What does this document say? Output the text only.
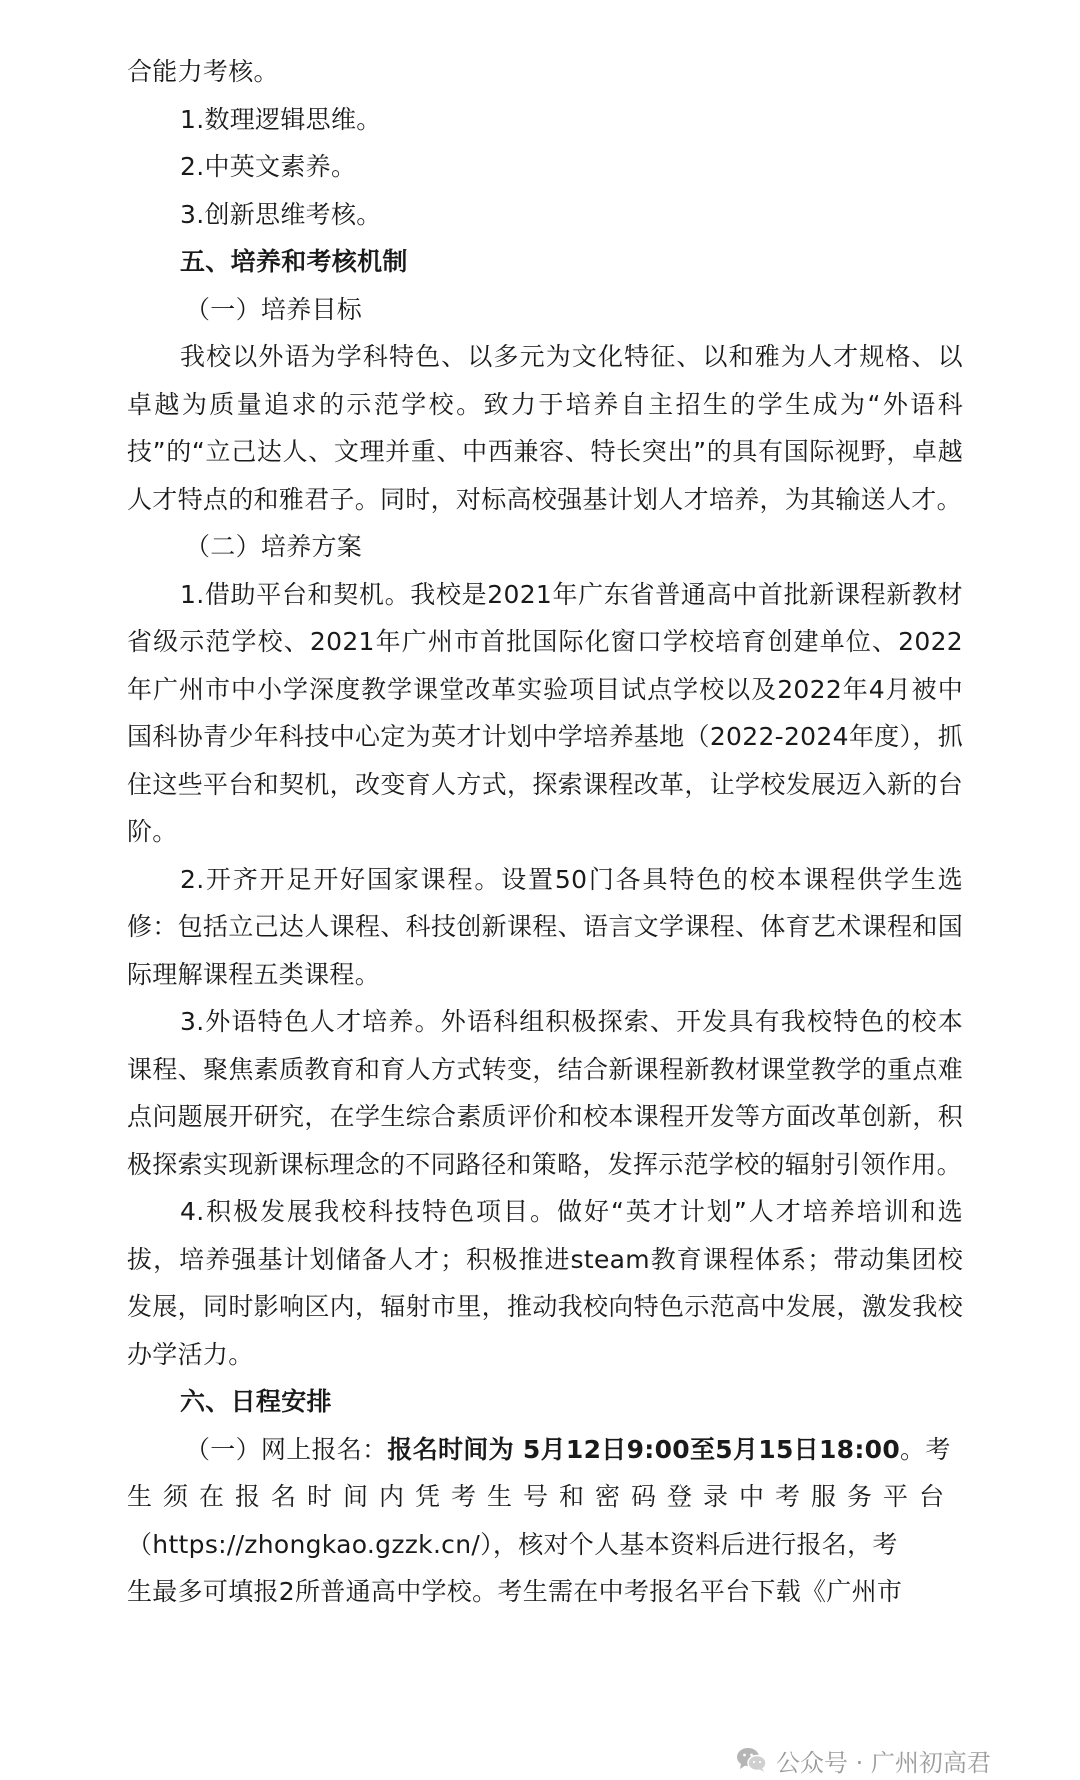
合能力考核。

1.数理逻辑思维。

2.中英文素养。

3.创新思维考核。

五、培养和考核机制

（一）培养目标

我校以外语为学科特色、以多元为文化特征、以和雅为人才规格、以卓越为质量追求的示范学校。致力于培养自主招生的学生成为“外语科技”的“立己达人、文理并重、中西兼容、特长突出”的具有国际视野，卓越人才特点的和雅君子。同时，对标高校强基计划人才培养，为其输送人才。

（二）培养方案

1.借助平台和契机。我校是2021年广东省普通高中首批新课程新教材省级示范学校、2021年广州市首批国际化窗口学校培育创建单位、2022年广州市中小学深度教学课堂改革实验项目试点学校以及2022年4月被中国科协青少年科技中心定为英才计划中学培养基地（2022-2024年度），抓住这些平台和契机，改变育人方式，探索课程改革，让学校发展迈入新的台阶。

2.开齐开足开好国家课程。设置50门各具特色的校本课程供学生选修：包括立己达人课程、科技创新课程、语言文学课程、体育艺术课程和国际理解课程五类课程。

3.外语特色人才培养。外语科组积极探索、开发具有我校特色的校本课程、聚焦素质教育和育人方式转变，结合新课程新教材课堂教学的重点难点问题展开研究，在学生综合素质评价和校本课程开发等方面改革创新，积极探索实现新课标理念的不同路径和策略，发挥示范学校的辐射引领作用。

4.积极发展我校科技特色项目。做好“英才计划”人才培养培训和选拔，培养强基计划储备人才；积极推进steam教育课程体系；带动集团校发展，同时影响区内，辐射市里，推动我校向特色示范高中发展，激发我校办学活力。

六、日程安排

（一）网上报名：报名时间为 5月12日9:00至5月15日18:00。考

生须在报名时间内凭考生号和密码登录中考服务平台

（https://zhongkao.gzzk.cn/），核对个人基本资料后进行报名，考

生最多可填报2所普通高中学校。考生需在中考报名平台下载《广州市

公众号 · 广州初高君
